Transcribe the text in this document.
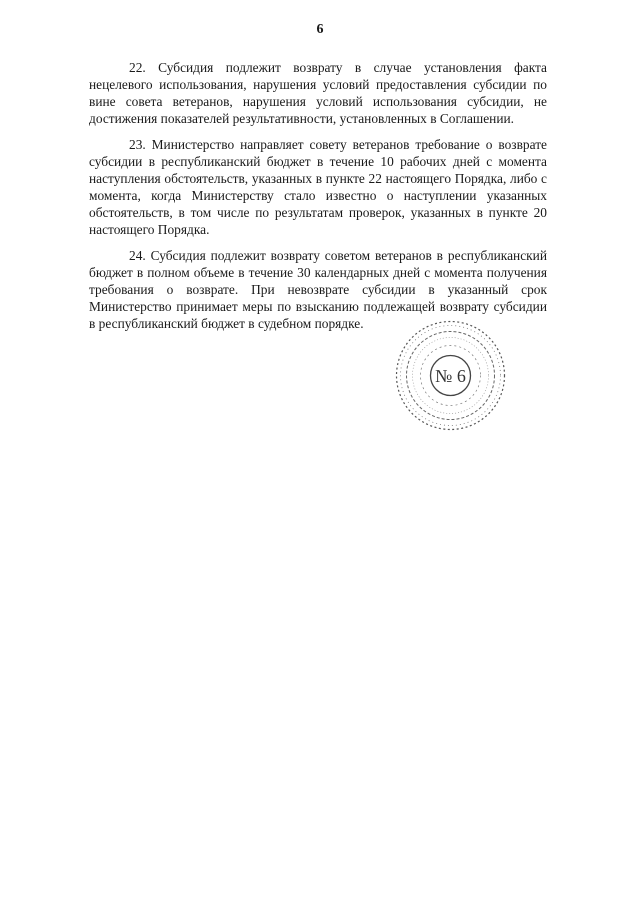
6

22. Субсидия подлежит возврату в случае установления факта нецелевого использования, нарушения условий предоставления субсидии по вине совета ветеранов, нарушения условий использования субсидии, не достижения показателей результативности, установленных в Соглашении.

23. Министерство направляет совету ветеранов требование о возврате субсидии в республиканский бюджет в течение 10 рабочих дней с момента наступления обстоятельств, указанных в пункте 22 настоящего Порядка, либо с момента, когда Министерству стало известно о наступлении указанных обстоятельств, в том числе по результатам проверок, указанных в пункте 20 настоящего Порядка.

24. Субсидия подлежит возврату советом ветеранов в республиканский бюджет в полном объеме в течение 30 календарных дней с момента получения требования о возврате. При невозврате субсидии в указанный срок Министерство принимает меры по взысканию подлежащей возврату субсидии в республиканский бюджет в судебном порядке.

№ 6
